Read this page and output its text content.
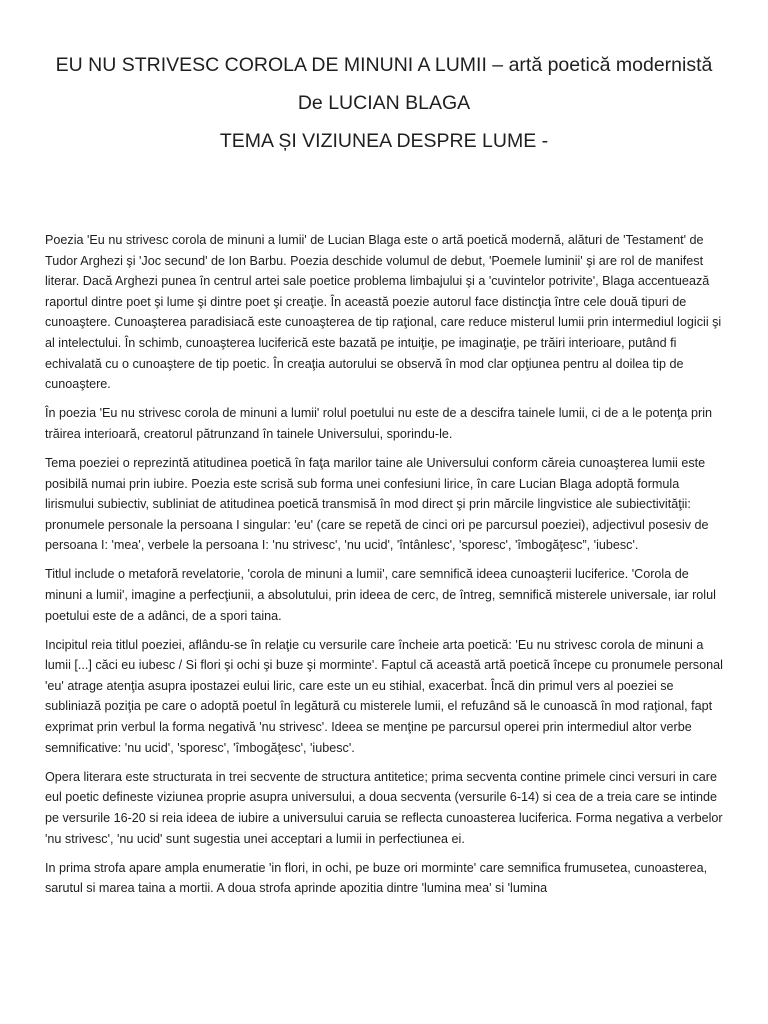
EU NU STRIVESC COROLA DE MINUNI A LUMII – artă poetică modernistă
De LUCIAN BLAGA
TEMA ȘI VIZIUNEA DESPRE LUME -

Poezia 'Eu nu strivesc corola de minuni a lumii' de Lucian Blaga este o artă poetică modernă, alături de 'Testament' de Tudor Arghezi şi 'Joc secund' de Ion Barbu. Poezia deschide volumul de debut, 'Poemele luminii' şi are rol de manifest literar. Dacă Arghezi punea în centrul artei sale poetice problema limbajului şi a 'cuvintelor potrivite', Blaga accentuează raportul dintre poet şi lume şi dintre poet şi creaţie. În această poezie autorul face distincţia între cele două tipuri de cunoaştere. Cunoaşterea paradisiacă este cunoaşterea de tip raţional, care reduce misterul lumii prin intermediul logicii şi al intelectului. În schimb, cunoaşterea luciferică este bazată pe intuiţie, pe imaginaţie, pe trăiri interioare, putând fi echivalată cu o cunoaştere de tip poetic. În creaţia autorului se observă în mod clar opţiunea pentru al doilea tip de cunoaştere.

În poezia 'Eu nu strivesc corola de minuni a lumii' rolul poetului nu este de a descifra tainele lumii, ci de a le potenţa prin trăirea interioară, creatorul pătrunzand în tainele Universului, sporindu-le.

Tema poeziei o reprezintă atitudinea poetică în faţa marilor taine ale Universului conform căreia cunoaşterea lumii este posibilă numai prin iubire. Poezia este scrisă sub forma unei confesiuni lirice, în care Lucian Blaga adoptă formula lirismului subiectiv, subliniat de atitudinea poetică transmisă în mod direct şi prin mărcile lingvistice ale subiectivităţii: pronumele personale la persoana I singular: 'eu' (care se repetă de cinci ori pe parcursul poeziei), adjectivul posesiv de persoana I: 'mea', verbele la persoana I: 'nu strivesc', 'nu ucid', 'întânlesc', 'sporesc', 'îmbogăţesc”, 'iubesc'.

Titlul include o metaforă revelatorie, 'corola de minuni a lumii', care semnifică ideea cunoaşterii luciferice. 'Corola de minuni a lumii', imagine a perfecţiunii, a absolutului, prin ideea de cerc, de întreg, semnifică misterele universale, iar rolul poetului este de a adânci, de a spori taina.

Incipitul reia titlul poeziei, aflându-se în relaţie cu versurile care încheie arta poetică: 'Eu nu strivesc corola de minuni a lumii [...] căci eu iubesc / Si flori şi ochi şi buze şi morminte'. Faptul că această artă poetică începe cu pronumele personal 'eu' atrage atenţia asupra ipostazei eului liric, care este un eu stihial, exacerbat. Încă din primul vers al poeziei se subliniază poziţia pe care o adoptă poetul în legătură cu misterele lumii, el refuzând să le cunoască în mod raţional, fapt exprimat prin verbul la forma negativă 'nu strivesc'. Ideea se menţine pe parcursul operei prin intermediul altor verbe semnificative: 'nu ucid', 'sporesc', 'îmbogăţesc', 'iubesc'.

Opera literara este structurata in trei secvente de structura antitetice; prima secventa contine primele cinci versuri in care eul poetic defineste viziunea proprie asupra universului, a doua secventa (versurile 6-14) si cea de a treia care se intinde pe versurile 16-20 si reia ideea de iubire a universului caruia se reflecta cunoasterea luciferica. Forma negativa a verbelor 'nu strivesc', 'nu ucid' sunt sugestia unei acceptari a lumii in perfectiunea ei.

In prima strofa apare ampla enumeratie 'in flori, in ochi, pe buze ori morminte' care semnifica frumusetea, cunoasterea, sarutul si marea taina a mortii. A doua strofa aprinde apozitia dintre 'lumina mea' si 'lumina
